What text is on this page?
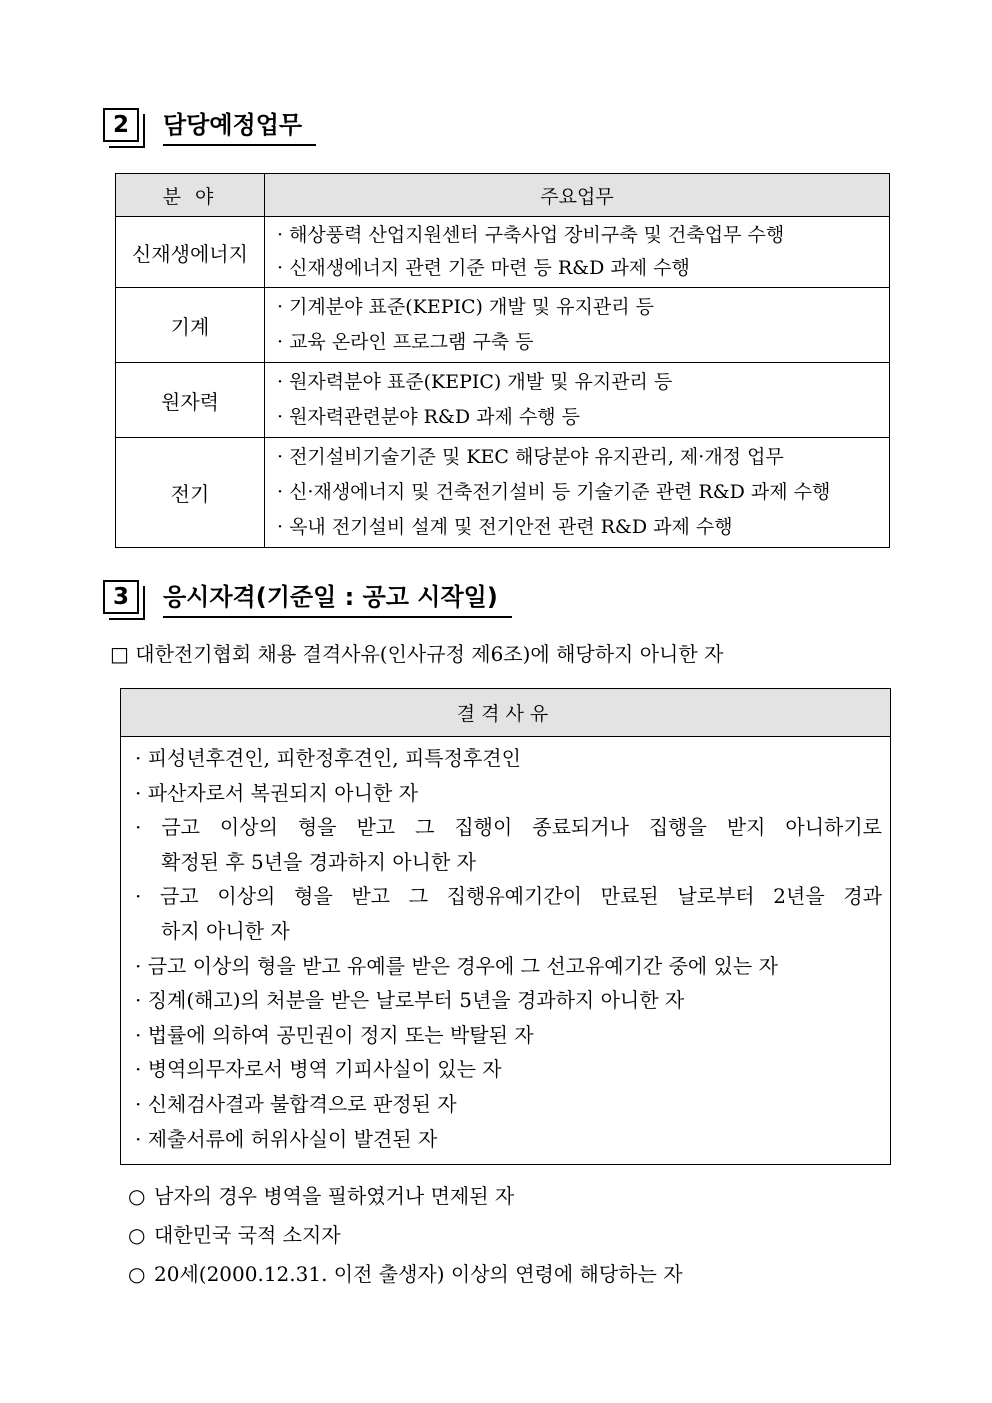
2	담당예정업무
분 야	주요업무
신재생에너지	· 해상풍력 산업지원센터 구축사업 장비구축 및 건축업무 수행
· 신재생에너지 관련 기준 마련 등 R&D 과제 수행

기계	· 기계분야 표준(KEPIC) 개발 및 유지관리 등
· 교육 온라인 프로그램 구축 등

원자력	· 원자력분야 표준(KEPIC) 개발 및 유지관리 등
· 원자력관련분야 R&D 과제 수행 등

전기	· 전기설비기술기준 및 KEC 해당분야 유지관리, 제·개정 업무
· 신·재생에너지 및 건축전기설비 등 기술기준 관련 R&D 과제 수행
· 옥내 전기설비 설계 및 전기안전 관련 R&D 과제 수행
3	응시자격(기준일 : 공고 시작일)
□ 대한전기협회 채용 결격사유(인사규정 제6조)에 해당하지 아니한 자
결격사유

· 피성년후견인, 피한정후견인, 피특정후견인
· 파산자로서 복권되지 아니한 자
· 금고 이상의 형을 받고 그 집행이 종료되거나 집행을 받지 아니하기로
확정된 후 5년을 경과하지 아니한 자
· 금고 이상의 형을 받고 그 집행유예기간이 만료된 날로부터 2년을 경과
하지 아니한 자
· 금고 이상의 형을 받고 유예를 받은 경우에 그 선고유예기간 중에 있는 자
· 징계(해고)의 처분을 받은 날로부터 5년을 경과하지 아니한 자
· 법률에 의하여 공민권이 정지 또는 박탈된 자
· 병역의무자로서 병역 기피사실이 있는 자
· 신체검사결과 불합격으로 판정된 자
· 제출서류에 허위사실이 발견된 자
○ 남자의 경우 병역을 필하였거나 면제된 자
○ 대한민국 국적 소지자
○ 20세(2000.12.31. 이전 출생자) 이상의 연령에 해당하는 자
